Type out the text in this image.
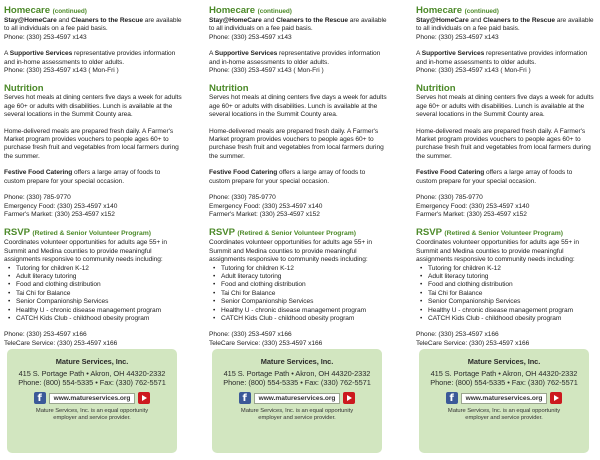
Homecare (continued)

Stay@HomeCare and Cleaners to the Rescue are available to all individuals on a fee paid basis.

Phone: (330) 253-4597 x143

A Supportive Services representative provides information and in-home assessments to older adults.

Phone: (330) 253-4597 x143 ( Mon-Fri )

Nutrition

Serves hot meals at dining centers five days a week for adults age 60+ or adults with disabilities. Lunch is available at the several locations in the Summit County area.

Home-delivered meals are prepared fresh daily. A Farmer's Market program provides vouchers to people ages 60+ to purchase fresh fruit and vegetables from local farmers during the summer.

Festive Food Catering offers a large array of foods to custom prepare for your special occasion.

Phone: (330) 785-9770

Emergency Food: (330) 253-4597 x140

Farmer's Market: (330) 253-4597 x152

RSVP (Retired & Senior Volunteer Program)

Coordinates volunteer opportunities for adults age 55+ in Summit and Medina counties to provide meaningful assignments responsive to community needs including:

• Tutoring for children K-12
• Adult literacy tutoring
• Food and clothing distribution
• Tai Chi for Balance
• Senior Companionship Services
• Healthy U - chronic disease management program
• CATCH Kids Club - childhood obesity program

Phone: (330) 253-4597 x166

TeleCare Service: (330) 253-4597 x166

Mature Services, Inc.
415 S. Portage Path • Akron, OH 44320-2332
Phone: (800) 554-5335 • Fax: (330) 762-5571
f	www.matureservices.org
Mature Services, Inc. is an equal opportunity
employer and service provider.
Homecare (continued)

Stay@HomeCare and Cleaners to the Rescue are available to all individuals on a fee paid basis.

Phone: (330) 253-4597 x143

A Supportive Services representative provides information and in-home assessments to older adults.

Phone: (330) 253-4597 x143 ( Mon-Fri )

Nutrition

Serves hot meals at dining centers five days a week for adults age 60+ or adults with disabilities. Lunch is available at the several locations in the Summit County area.

Home-delivered meals are prepared fresh daily. A Farmer's Market program provides vouchers to people ages 60+ to purchase fresh fruit and vegetables from local farmers during the summer.

Festive Food Catering offers a large array of foods to custom prepare for your special occasion.

Phone: (330) 785-9770

Emergency Food: (330) 253-4597 x140

Farmer's Market: (330) 253-4597 x152

RSVP (Retired & Senior Volunteer Program)

Coordinates volunteer opportunities for adults age 55+ in Summit and Medina counties to provide meaningful assignments responsive to community needs including:

• Tutoring for children K-12
• Adult literacy tutoring
• Food and clothing distribution
• Tai Chi for Balance
• Senior Companionship Services
• Healthy U - chronic disease management program
• CATCH Kids Club - childhood obesity program

Phone: (330) 253-4597 x166

TeleCare Service: (330) 253-4597 x166

Mature Services, Inc.
415 S. Portage Path • Akron, OH 44320-2332
Phone: (800) 554-5335 • Fax: (330) 762-5571
f	www.matureservices.org
Mature Services, Inc. is an equal opportunity
employer and service provider.
Homecare (continued)

Stay@HomeCare and Cleaners to the Rescue are available to all individuals on a fee paid basis.

Phone: (330) 253-4597 x143

A Supportive Services representative provides information and in-home assessments to older adults.

Phone: (330) 253-4597 x143 ( Mon-Fri )

Nutrition

Serves hot meals at dining centers five days a week for adults age 60+ or adults with disabilities. Lunch is available at the several locations in the Summit County area.

Home-delivered meals are prepared fresh daily. A Farmer's Market program provides vouchers to people ages 60+ to purchase fresh fruit and vegetables from local farmers during the summer.

Festive Food Catering offers a large array of foods to custom prepare for your special occasion.

Phone: (330) 785-9770

Emergency Food: (330) 253-4597 x140

Farmer's Market: (330) 253-4597 x152

RSVP (Retired & Senior Volunteer Program)

Coordinates volunteer opportunities for adults age 55+ in Summit and Medina counties to provide meaningful assignments responsive to community needs including:

• Tutoring for children K-12
• Adult literacy tutoring
• Food and clothing distribution
• Tai Chi for Balance
• Senior Companionship Services
• Healthy U - chronic disease management program
• CATCH Kids Club - childhood obesity program

Phone: (330) 253-4597 x166

TeleCare Service: (330) 253-4597 x166

Mature Services, Inc.
415 S. Portage Path • Akron, OH 44320-2332
Phone: (800) 554-5335 • Fax: (330) 762-5571
f	www.matureservices.org
Mature Services, Inc. is an equal opportunity
employer and service provider.
